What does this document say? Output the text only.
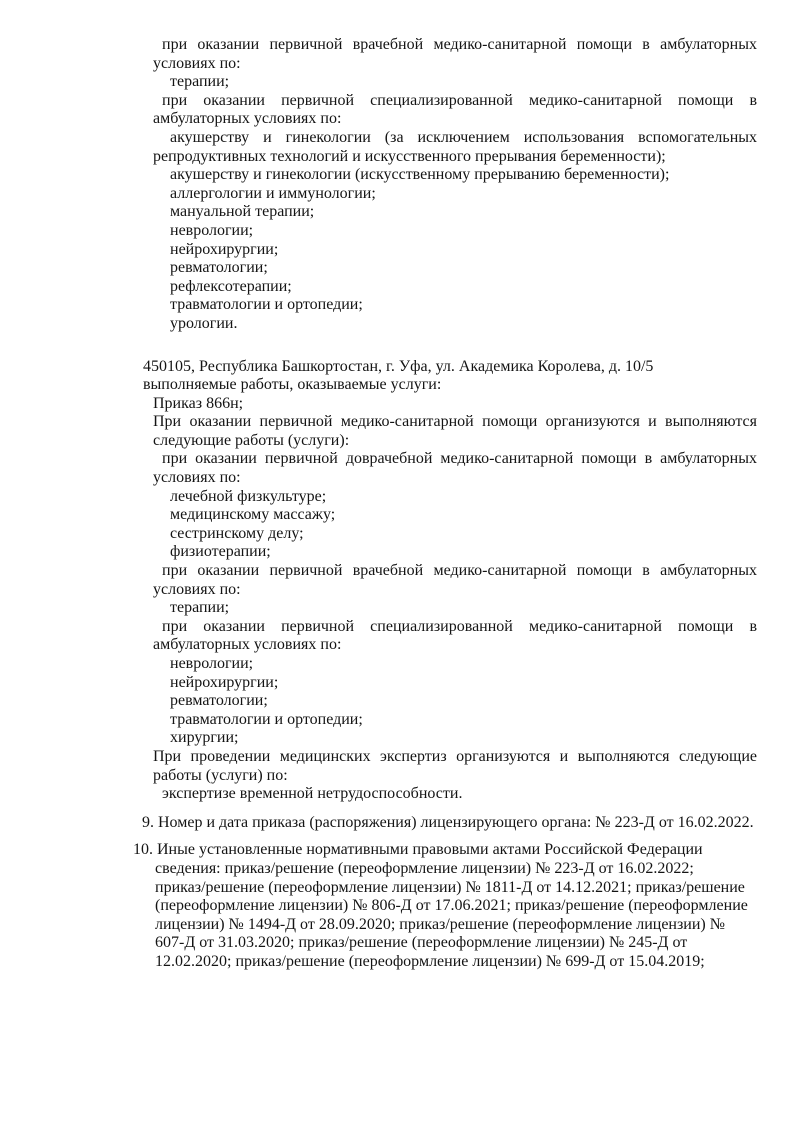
при оказании первичной врачебной медико-санитарной помощи в амбулаторных
условиях по:
терапии;
при оказании первичной специализированной медико-санитарной помощи в
амбулаторных условиях по:
акушерству и гинекологии (за исключением использования вспомогательных
репродуктивных технологий и искусственного прерывания беременности);
акушерству и гинекологии (искусственному прерыванию беременности);
аллергологии и иммунологии;
мануальной терапии;
неврологии;
нейрохирургии;
ревматологии;
рефлексотерапии;
травматологии и ортопедии;
урологии.
450105, Республика Башкортостан, г. Уфа, ул. Академика Королева, д. 10/5
выполняемые работы, оказываемые услуги:
Приказ 866н;
При оказании первичной медико-санитарной помощи организуются и выполняются
следующие работы (услуги):
при оказании первичной доврачебной медико-санитарной помощи в амбулаторных
условиях по:
лечебной физкультуре;
медицинскому массажу;
сестринскому делу;
физиотерапии;
при оказании первичной врачебной медико-санитарной помощи в амбулаторных
условиях по:
терапии;
при оказании первичной специализированной медико-санитарной помощи в
амбулаторных условиях по:
неврологии;
нейрохирургии;
ревматологии;
травматологии и ортопедии;
хирургии;
При проведении медицинских экспертиз организуются и выполняются следующие
работы (услуги) по:
экспертизе временной нетрудоспособности.
9. Номер и дата приказа (распоряжения) лицензирующего органа: № 223-Д от 16.02.2022.
10. Иные установленные нормативными правовыми актами Российской Федерации
сведения: приказ/решение (переоформление лицензии) № 223-Д от 16.02.2022;
приказ/решение (переоформление лицензии) № 1811-Д от 14.12.2021; приказ/решение
(переоформление лицензии) № 806-Д от 17.06.2021; приказ/решение (переоформление
лицензии) № 1494-Д от 28.09.2020; приказ/решение (переоформление лицензии) №
607-Д от 31.03.2020; приказ/решение (переоформление лицензии) № 245-Д от
12.02.2020; приказ/решение (переоформление лицензии) № 699-Д от 15.04.2019;
